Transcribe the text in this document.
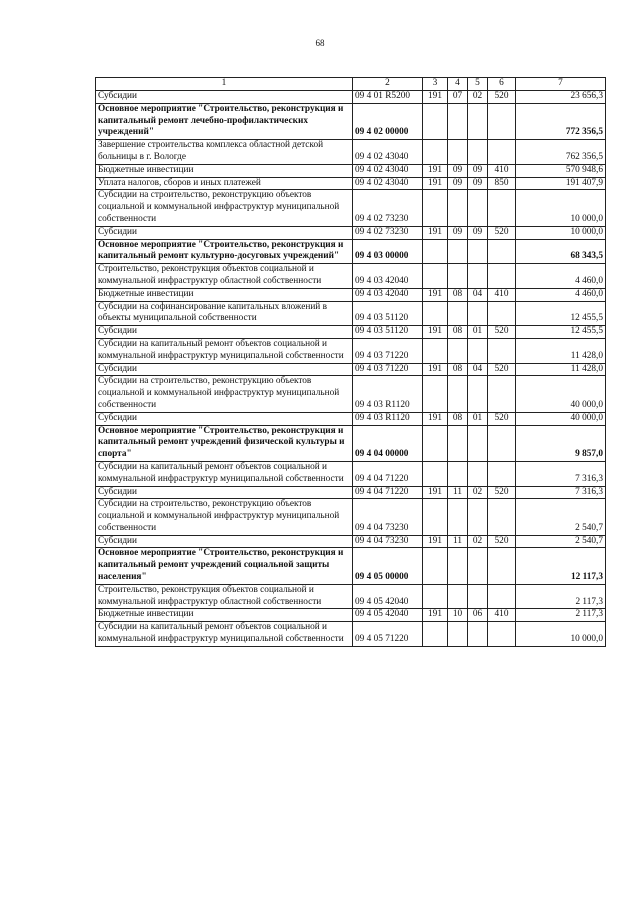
68
1	2	3	4	5	6	7
Субсидии	09 4 01 R5200	191	07	02	520	23 656,3
Основное мероприятие "Строительство, реконструкция и капитальный ремонт лечебно-профилактических учреждений"	09 4 02 00000					772 356,5
Завершение строительства комплекса областной детской больницы в г. Вологде	09 4 02 43040					762 356,5
Бюджетные инвестиции	09 4 02 43040	191	09	09	410	570 948,6
Уплата налогов, сборов и иных платежей	09 4 02 43040	191	09	09	850	191 407,9
Субсидии на строительство, реконструкцию объектов социальной и коммунальной инфраструктур муниципальной собственности	09 4 02 73230					10 000,0
Субсидии	09 4 02 73230	191	09	09	520	10 000,0
Основное мероприятие "Строительство, реконструкция и капитальный ремонт культурно-досуговых учреждений"	09 4 03 00000					68 343,5
Строительство, реконструкция объектов социальной и коммунальной инфраструктур областной собственности	09 4 03 42040					4 460,0
Бюджетные инвестиции	09 4 03 42040	191	08	04	410	4 460,0
Субсидии на софинансирование капитальных вложений в объекты муниципальной собственности	09 4 03 51120					12 455,5
Субсидии	09 4 03 51120	191	08	01	520	12 455,5
Субсидии на капитальный ремонт объектов социальной и коммунальной инфраструктур муниципальной собственности	09 4 03 71220					11 428,0
Субсидии	09 4 03 71220	191	08	04	520	11 428,0
Субсидии на строительство, реконструкцию объектов социальной и коммунальной инфраструктур муниципальной собственности	09 4 03 R1120					40 000,0
Субсидии	09 4 03 R1120	191	08	01	520	40 000,0
Основное мероприятие "Строительство, реконструкция и капитальный ремонт учреждений физической культуры и спорта"	09 4 04 00000					9 857,0
Субсидии на капитальный ремонт объектов социальной и коммунальной инфраструктур муниципальной собственности	09 4 04 71220					7 316,3
Субсидии	09 4 04 71220	191	11	02	520	7 316,3
Субсидии на строительство, реконструкцию объектов социальной и коммунальной инфраструктур муниципальной собственности	09 4 04 73230					2 540,7
Субсидии	09 4 04 73230	191	11	02	520	2 540,7
Основное мероприятие "Строительство, реконструкция и капитальный ремонт учреждений социальной защиты населения"	09 4 05 00000					12 117,3
Строительство, реконструкция объектов социальной и коммунальной инфраструктур областной собственности	09 4 05 42040					2 117,3
Бюджетные инвестиции	09 4 05 42040	191	10	06	410	2 117,3
Субсидии на капитальный ремонт объектов социальной и коммунальной инфраструктур муниципальной собственности	09 4 05 71220					10 000,0
